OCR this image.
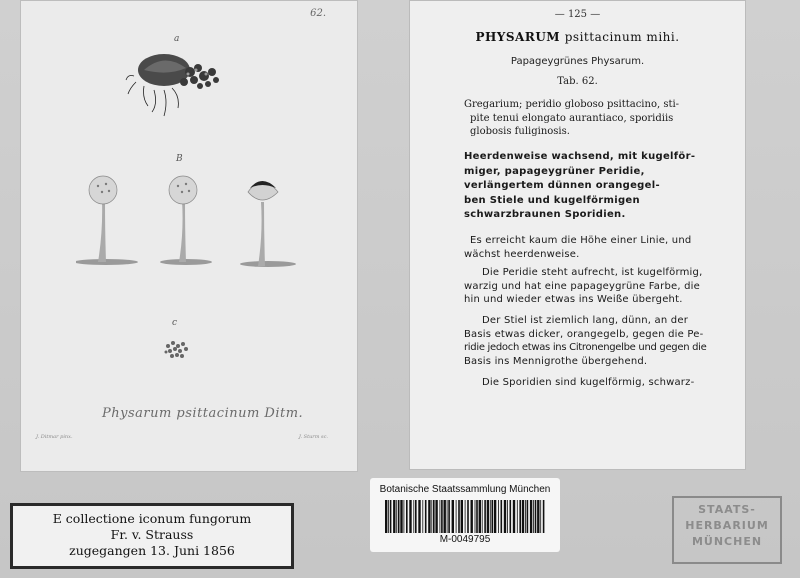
62.
a
B
c
Physarum psittacinum Ditm.
J. Ditmar pinx.	J. Sturm sc.
— 125 —
PHYSARUM psittacinum mihi.
Papageygrünes Physarum.
Tab. 62.
Gregarium; peridio globoso psittacino, sti-
pite tenui elongato aurantiaco, sporidiis
globosis fuliginosis.
Heerdenweise wachsend, mit kugelför-
miger, papageygrüner Peridie,
verlängertem dünnen orangegel-
ben Stiele und kugelförmigen
schwarzbraunen Sporidien.
Es erreicht kaum die Höhe einer Linie, und
wächst heerdenweise.
Die Peridie steht aufrecht, ist kugelförmig,
warzig und hat eine papageygrüne Farbe, die
hin und wieder etwas ins Weiße übergeht.
Der Stiel ist ziemlich lang, dünn, an der
Basis etwas dicker, orangegelb, gegen die Pe-
ridie jedoch etwas ins Citronengelbe und gegen die
Basis ins Mennigrothe übergehend.
Die Sporidien sind kugelförmig, schwarz-
E collectione iconum fungorum
Fr. v. Strauss
zugegangen 13. Juni 1856
Botanische Staatssammlung München
M-0049795
STAATS-
HERBARIUM
MÜNCHEN
